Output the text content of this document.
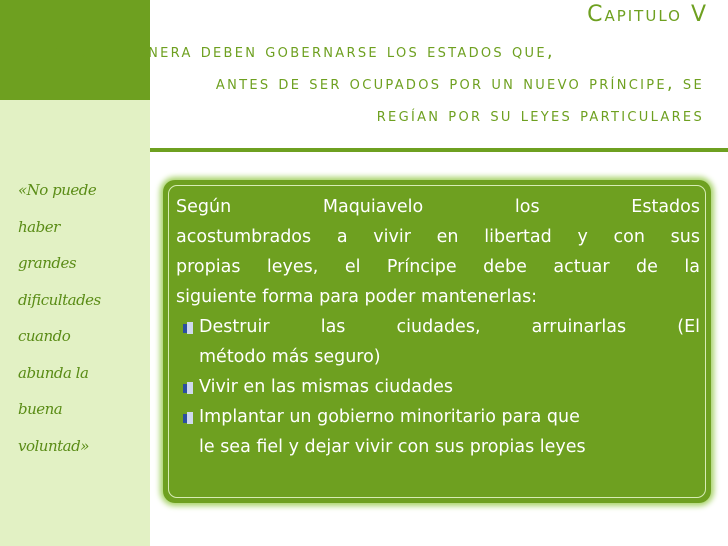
«No puede
haber
grandes
dificultades
cuando
abunda la
buena
voluntad»
Capitulo V
¿De qué manera deben gobernarse los estados que,
antes de ser ocupados por un nuevo príncipe, se
regían por su leyes particulares
Según Maquiavelo los Estados
acostumbrados a vivir en libertad y con sus
propias leyes, el Príncipe debe actuar de la
siguiente forma para poder mantenerlas:
Destruir las ciudades, arruinarlas (El
método más seguro)
Vivir en las mismas ciudades
Implantar un gobierno minoritario para que
le sea fiel y dejar vivir con sus propias leyes
